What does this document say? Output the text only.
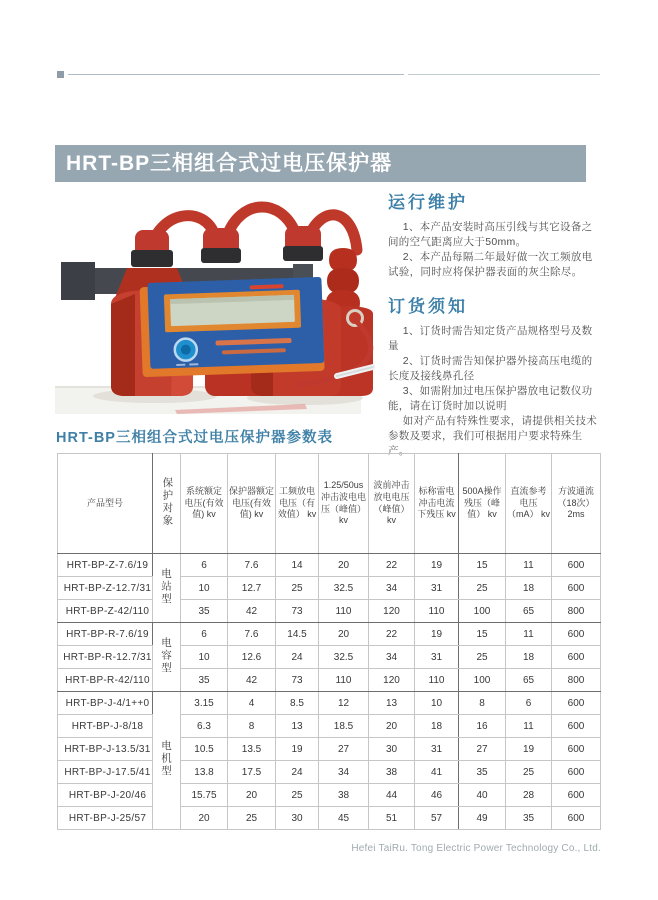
HRT-BP三相组合式过电压保护器
运行维护

1、本产品安装时高压引线与其它设备之间的空气距离应大于50mm。

2、本产品每隔二年最好做一次工频放电试验，同时应将保护器表面的灰尘除尽。

订货须知

1、订货时需告知定货产品规格型号及数量

2、订货时需告知保护器外接高压电缆的长度及接线鼻孔径

3、如需附加过电压保护器放电记数仪功能，请在订货时加以说明

如对产品有特殊性要求，请提供相关技术参数及要求，我们可根据用户要求特殊生产。

HRT-BP三相组合式过电压保护器参数表
产品型号	保护对象	系统额定电压(有效值) kv	保护器额定电压(有效值) kv	工频放电电压（有效值） kv	1.25/50us冲击波电电压（峰值） kv	波前冲击放电电压（峰值） kv	标称雷电冲击电流下残压 kv	500A操作残压（峰值） kv	直流参考电压（mA） kv	方波通流（18次） 2ms
HRT-BP-Z-7.6/19	电站型	6	7.6	14	20	22	19	15	11	600
HRT-BP-Z-12.7/31		10	12.7	25	32.5	34	31	25	18	600
HRT-BP-Z-42/110		35	42	73	110	120	110	100	65	800
HRT-BP-R-7.6/19	电容型	6	7.6	14.5	20	22	19	15	11	600
HRT-BP-R-12.7/31		10	12.6	24	32.5	34	31	25	18	600
HRT-BP-R-42/110		35	42	73	110	120	110	100	65	800
HRT-BP-J-4/1++0	电机型	3.15	4	8.5	12	13	10	8	6	600
HRT-BP-J-8/18		6.3	8	13	18.5	20	18	16	11	600
HRT-BP-J-13.5/31		10.5	13.5	19	27	30	31	27	19	600
HRT-BP-J-17.5/41		13.8	17.5	24	34	38	41	35	25	600
HRT-BP-J-20/46		15.75	20	25	38	44	46	40	28	600
HRT-BP-J-25/57		20	25	30	45	51	57	49	35	600
Hefei TaiRu. Tong Electric Power Technology Co., Ltd.
